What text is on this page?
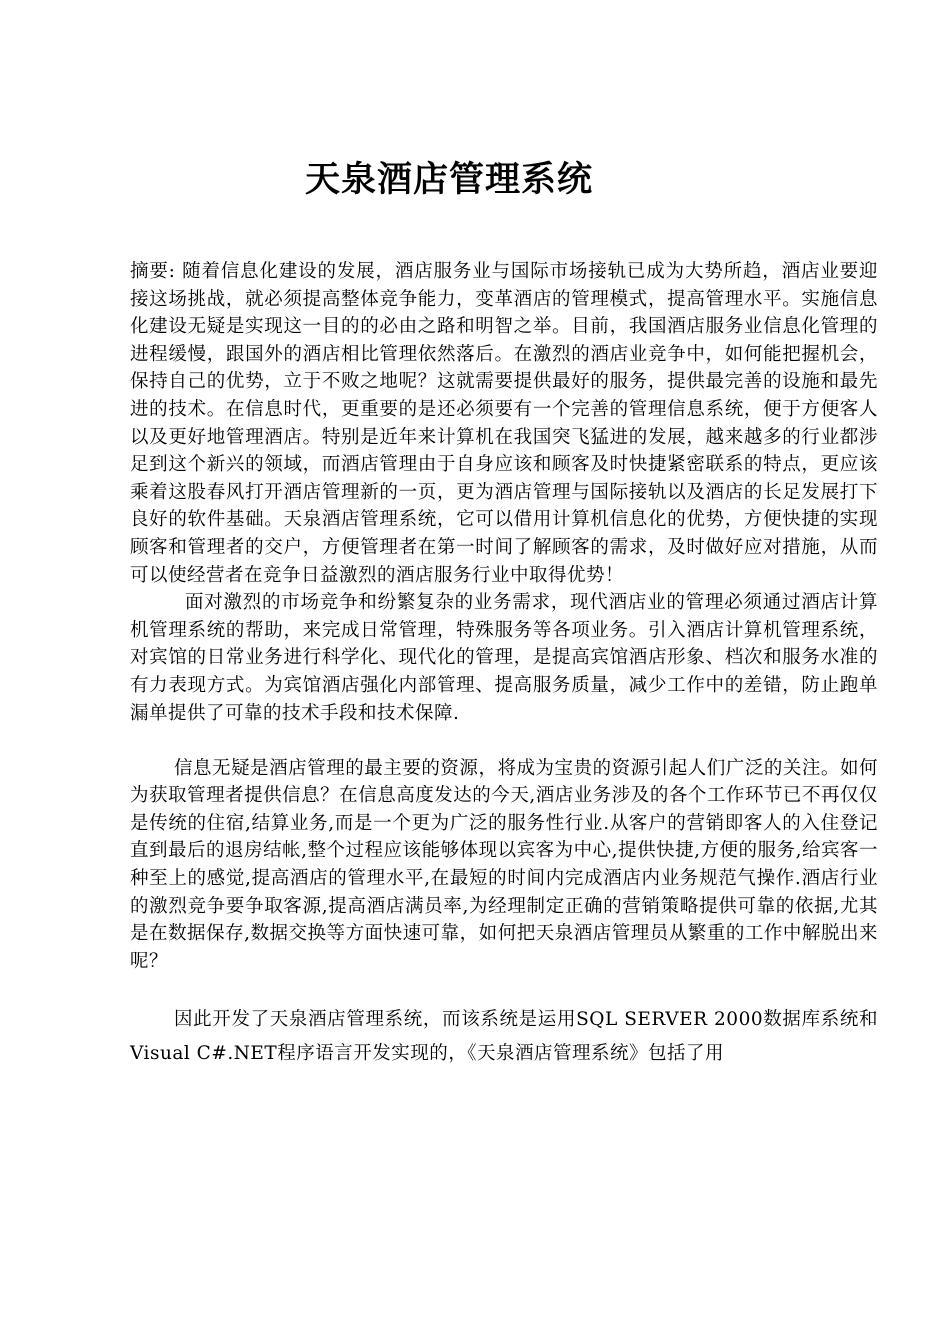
天泉酒店管理系统

摘要: 随着信息化建设的发展，酒店服务业与国际市场接轨已成为大势所趋，酒店业要迎接这场挑战，就必须提高整体竞争能力，变革酒店的管理模式，提高管理水平。实施信息化建设无疑是实现这一目的的必由之路和明智之举。目前，我国酒店服务业信息化管理的进程缓慢，跟国外的酒店相比管理依然落后。在激烈的酒店业竞争中，如何能把握机会，保持自己的优势，立于不败之地呢？这就需要提供最好的服务，提供最完善的设施和最先进的技术。在信息时代，更重要的是还必须要有一个完善的管理信息系统，便于方便客人以及更好地管理酒店。特别是近年来计算机在我国突飞猛进的发展，越来越多的行业都涉足到这个新兴的领域，而酒店管理由于自身应该和顾客及时快捷紧密联系的特点，更应该乘着这股春风打开酒店管理新的一页，更为酒店管理与国际接轨以及酒店的长足发展打下良好的软件基础。天泉酒店管理系统，它可以借用计算机信息化的优势，方便快捷的实现顾客和管理者的交户，方便管理者在第一时间了解顾客的需求，及时做好应对措施，从而可以使经营者在竞争日益激烈的酒店服务行业中取得优势！

面对激烈的市场竞争和纷繁复杂的业务需求，现代酒店业的管理必须通过酒店计算机管理系统的帮助，来完成日常管理，特殊服务等各项业务。引入酒店计算机管理系统，对宾馆的日常业务进行科学化、现代化的管理，是提高宾馆酒店形象、档次和服务水准的有力表现方式。为宾馆酒店强化内部管理、提高服务质量，减少工作中的差错，防止跑单漏单提供了可靠的技术手段和技术保障.

信息无疑是酒店管理的最主要的资源，将成为宝贵的资源引起人们广泛的关注。如何为获取管理者提供信息？在信息高度发达的今天,酒店业务涉及的各个工作环节已不再仅仅是传统的住宿,结算业务,而是一个更为广泛的服务性行业.从客户的营销即客人的入住登记直到最后的退房结帐,整个过程应该能够体现以宾客为中心,提供快捷,方便的服务,给宾客一种至上的感觉,提高酒店的管理水平,在最短的时间内完成酒店内业务规范气操作.酒店行业的激烈竞争要争取客源,提高酒店满员率,为经理制定正确的营销策略提供可靠的依据,尤其是在数据保存,数据交换等方面快速可靠，如何把天泉酒店管理员从繁重的工作中解脱出来呢？

因此开发了天泉酒店管理系统，而该系统是运用SQL SERVER 2000数据库系统和Visual C#.NET程序语言开发实现的，《天泉酒店管理系统》包括了用
